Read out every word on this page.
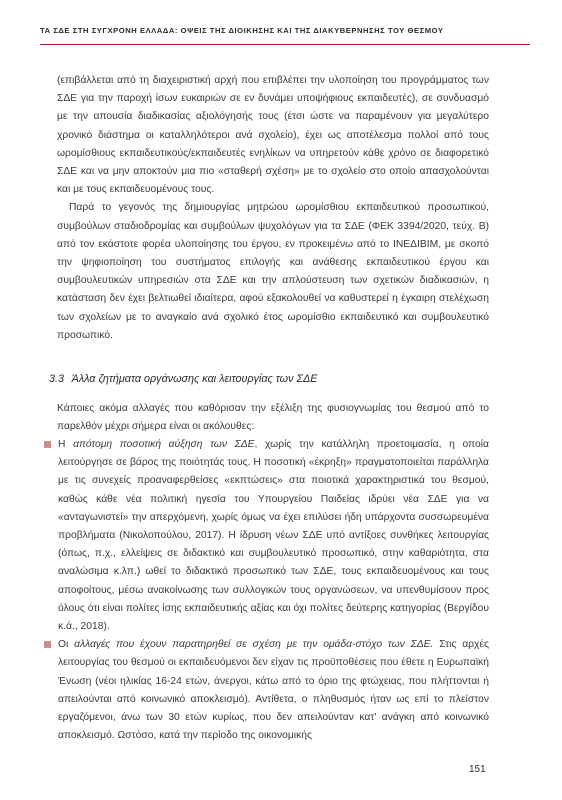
ΤΑ ΣΔΕ ΣΤΗ ΣΥΓΧΡΟΝΗ ΕΛΛΑΔΑ: ΟΨΕΙΣ ΤΗΣ ΔΙΟΙΚΗΣΗΣ ΚΑΙ ΤΗΣ ΔΙΑΚΥΒΕΡΝΗΣΗΣ ΤΟΥ ΘΕΣΜΟΥ

(επιβάλλεται από τη διαχειριστική αρχή που επιβλέπει την υλοποίηση του προγράμματος των ΣΔΕ για την παροχή ίσων ευκαιριών σε εν δυνάμει υποψήφιους εκπαιδευτές), σε συνδυασμό με την απουσία διαδικασίας αξιολόγησής τους (έτσι ώστε να παραμένουν για μεγαλύτερο χρονικό διάστημα οι καταλληλότεροι ανά σχολείο), έχει ως αποτέλεσμα πολλοί από τους ωρομίσθιους εκπαιδευτικούς/εκπαιδευτές ενηλίκων να υπηρετούν κάθε χρόνο σε διαφορετικό ΣΔΕ και να μην αποκτούν μια πιο «σταθερή σχέση» με το σχολείο στο οποίο απασχολούνται και με τους εκπαιδευομένους τους.

Παρά το γεγονός της δημιουργίας μητρώου ωρομίσθιου εκπαιδευτικού προσωπικού, συμβούλων σταδιοδρομίας και συμβούλων ψυχολόγων για τα ΣΔΕ (ΦΕΚ 3394/2020, τεύχ. Β) από τον εκάστοτε φορέα υλοποίησης του έργου, εν προκειμένω από το ΙΝΕΔΙΒΙΜ, με σκοπό την ψηφιοποίηση του συστήματος επιλογής και ανάθεσης εκπαιδευτικού έργου και συμβουλευτικών υπηρεσιών στα ΣΔΕ και την απλούστευση των σχετικών διαδικασιών, η κατάσταση δεν έχει βελτιωθεί ιδιαίτερα, αφού εξακολουθεί να καθυστερεί η έγκαιρη στελέχωση των σχολείων με το αναγκαίο ανά σχολικό έτος ωρομίσθιο εκπαιδευτικό και συμβουλευτικό προσωπικό.

3.3 Άλλα ζητήματα οργάνωσης και λειτουργίας των ΣΔΕ
Κάποιες ακόμα αλλαγές που καθόρισαν την εξέλιξη της φυσιογνωμίας του θεσμού από το παρελθόν μέχρι σήμερα είναι οι ακόλουθες:
Η απότομη ποσοτική αύξηση των ΣΔΕ, χωρίς την κατάλληλη προετοιμασία, η οποία λειτούργησε σε βάρος της ποιότητάς τους. Η ποσοτική «έκρηξη» πραγματοποιείται παράλληλα με τις συνεχείς προαναφερθείσες «εκπτώσεις» στα ποιοτικά χαρακτηριστικά του θεσμού, καθώς κάθε νέα πολιτική ηγεσία του Υπουργείου Παιδείας ιδρύει νέα ΣΔΕ για να «ανταγωνιστεί» την απερχόμενη, χωρίς όμως να έχει επιλύσει ήδη υπάρχοντα συσσωρευμένα προβλήματα (Νικολοπούλου, 2017). Η ίδρυση νέων ΣΔΕ υπό αντίξοες συνθήκες λειτουργίας (όπως, π.χ., ελλείψεις σε διδακτικό και συμβουλευτικό προσωπικό, στην καθαριότητα, στα αναλώσιμα κ.λπ.) ωθεί το διδακτικό προσωπικό των ΣΔΕ, τους εκπαιδευομένους και τους αποφοίτους, μέσω ανακοίνωσης των συλλογικών τους οργανώσεων, να υπενθυμίσουν προς όλους ότι είναι πολίτες ίσης εκπαιδευτικής αξίας και όχι πολίτες δεύτερης κατηγορίας (Βεργίδου κ.ά., 2018).
Οι αλλαγές που έχουν παρατηρηθεί σε σχέση με την ομάδα-στόχο των ΣΔΕ. Στις αρχές λειτουργίας του θεσμού οι εκπαιδευόμενοι δεν είχαν τις προϋποθέσεις που έθετε η Ευρωπαϊκή Ένωση (νέοι ηλικίας 16-24 ετών, άνεργοι, κάτω από το όριο της φτώχειας, που πλήττονται ή απειλούνται από κοινωνικό αποκλεισμό). Αντίθετα, ο πληθυσμός ήταν ως επί το πλείστον εργαζόμενοι, άνω των 30 ετών κυρίως, που δεν απειλούνταν κατ' ανάγκη από κοινωνικό αποκλεισμό. Ωστόσο, κατά την περίοδο της οικονομικής
151
